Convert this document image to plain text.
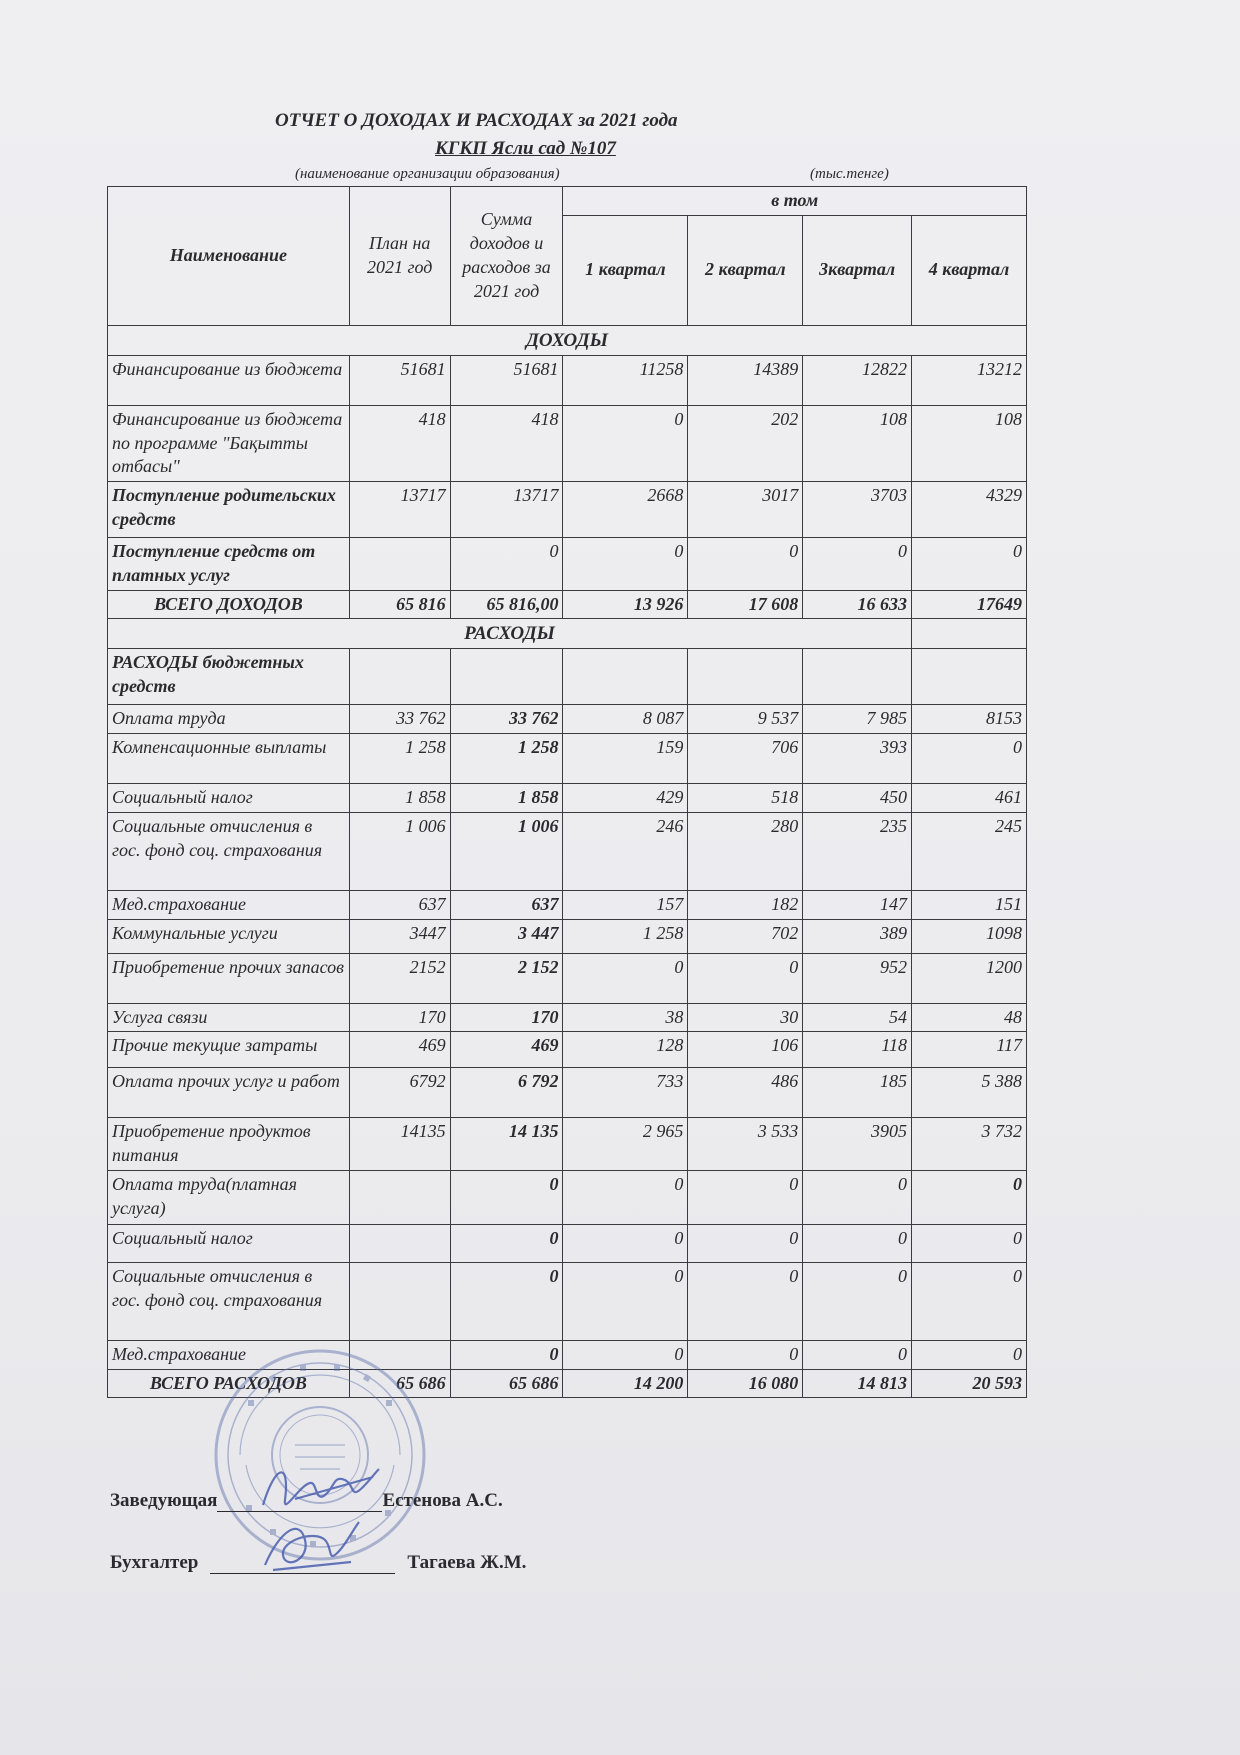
ОТЧЕТ О ДОХОДАХ И РАСХОДАХ за 2021 года
КГКП Ясли сад №107
(наименование организации образования)	(тыс.тенге)
Наименование	План на 2021 год	Сумма доходов и расходов за 2021 год	в том			
			1 квартал	2 квартал	3квартал	4 квартал
ДОХОДЫ						
Финансирование из бюджета	51681	51681	11258	14389	12822	13212
Финансирование из бюджета по программе "Бақытты отбасы"	418	418	0	202	108	108
Поступление родительских средств	13717	13717	2668	3017	3703	4329
Поступление средств от платных услуг		0	0	0	0	0
ВСЕГО ДОХОДОВ	65 816	65 816,00	13 926	17 608	16 633	17649
РАСХОДЫ						
РАСХОДЫ бюджетных средств						
Оплата труда	33 762	33 762	8 087	9 537	7 985	8153
Компенсационные выплаты	1 258	1 258	159	706	393	0
Социальный налог	1 858	1 858	429	518	450	461
Социальные отчисления в гос. фонд соц. страхования	1 006	1 006	246	280	235	245
Мед.страхование	637	637	157	182	147	151
Коммунальные услуги	3447	3 447	1 258	702	389	1098
Приобретение прочих запасов	2152	2 152	0	0	952	1200
Услуга связи	170	170	38	30	54	48
Прочие текущие затраты	469	469	128	106	118	117
Оплата прочих услуг и работ	6792	6 792	733	486	185	5 388
Приобретение продуктов питания	14135	14 135	2 965	3 533	3905	3 732
Оплата труда(платная услуга)		0	0	0	0	0
Социальный налог		0	0	0	0	0
Социальные отчисления в гос. фонд соц. страхования		0	0	0	0	0
Мед.страхование		0	0	0	0	0
ВСЕГО РАСХОДОВ	65 686	65 686	14 200	16 080	14 813	20 593
Заведующая	Естенова А.С.
Бухгалтер	Тагаева Ж.М.
